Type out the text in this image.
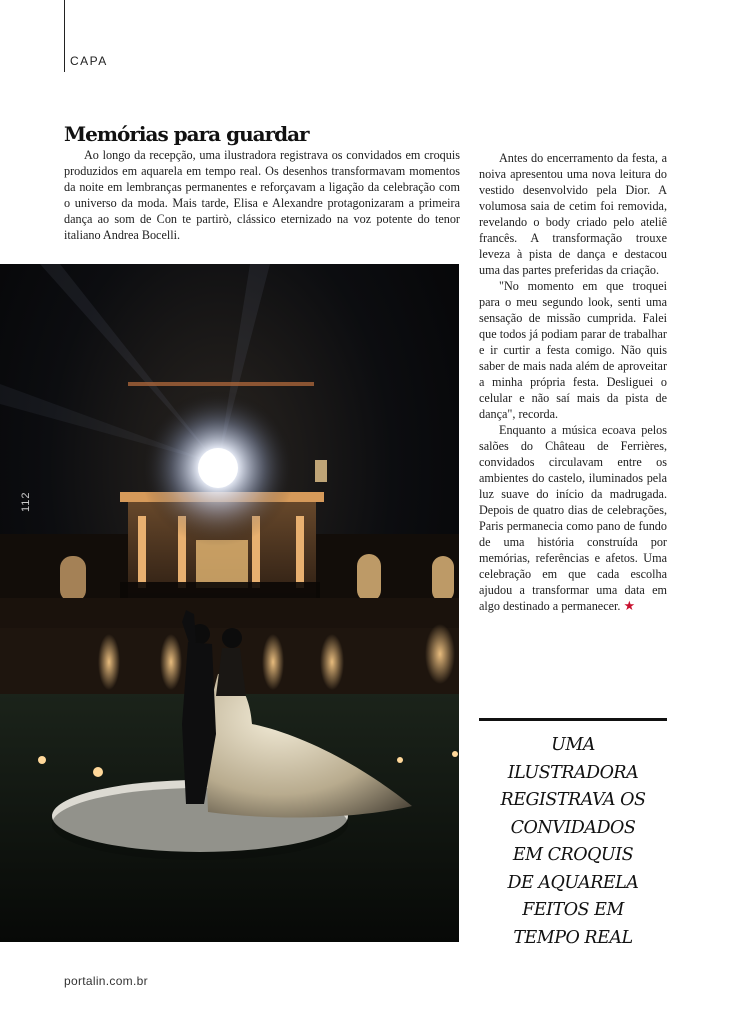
CAPA
Memórias para guardar

Ao longo da recepção, uma ilustradora registrava os convidados em croquis produzidos em aquarela em tempo real. Os desenhos transformavam momentos da noite em lembranças permanentes e reforçavam a ligação da celebração com o universo da moda. Mais tarde, Elisa e Alexandre protagonizaram a primeira dança ao som de Con te partirò, clássico eternizado na voz potente do tenor italiano Andrea Bocelli.

Antes do encerramento da festa, a noiva apresentou uma nova leitura do vestido desenvolvido pela Dior. A volumosa saia de cetim foi removida, revelando o body criado pelo ateliê francês. A transformação trouxe leveza à pista de dança e destacou uma das partes preferidas da criação.

"No momento em que troquei para o meu segundo look, senti uma sensação de missão cumprida. Falei que todos já podiam parar de trabalhar e ir curtir a festa comigo. Não quis saber de mais nada além de aproveitar a minha própria festa. Desliguei o celular e não saí mais da pista de dança", recorda.

Enquanto a música ecoava pelos salões do Château de Ferrières, convidados circulavam entre os ambientes do castelo, iluminados pela luz suave do início da madrugada. Depois de quatro dias de celebrações, Paris permanecia como pano de fundo de uma história construída por memórias, referências e afetos. Uma celebração em que cada escolha ajudou a transformar uma data em algo destinado a permanecer. ★

112
UMA
ILUSTRADORA
REGISTRAVA OS
CONVIDADOS
EM CROQUIS
DE AQUARELA
FEITOS EM
TEMPO REAL
portalin.com.br
